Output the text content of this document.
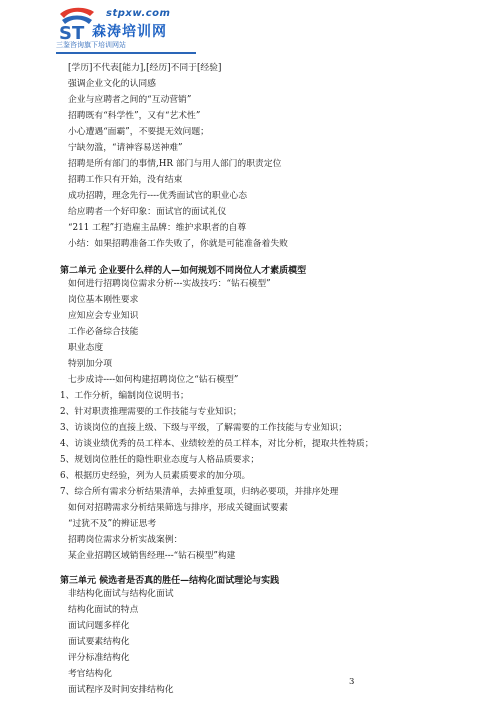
ST
stpxw.com
森涛培训网
三鉴咨询旗下培训网站
[学历]不代表[能力],[经历]不同于[经验]
强调企业文化的认同感
企业与应聘者之间的“互动营销”
招聘既有“科学性”，又有“艺术性”
小心遭遇“面霸”，不要提无效问题；
宁缺勿滥，“请神容易送神难”
招聘是所有部门的事情,HR 部门与用人部门的职责定位
招聘工作只有开始，没有结束
成功招聘，理念先行----优秀面试官的职业心态
给应聘者一个好印象：面试官的面试礼仪
“211 工程”打造雇主品牌：维护求职者的自尊
小结：如果招聘准备工作失败了，你就是可能准备着失败
第二单元 企业要什么样的人—如何规划不同岗位人才素质模型
如何进行招聘岗位需求分析---实战技巧：“钻石模型”
岗位基本刚性要求
应知应会专业知识
工作必备综合技能
职业态度
特别加分项
七步成诗----如何构建招聘岗位之“钻石模型”
1、工作分析，编制岗位说明书；
2、针对职责推理需要的工作技能与专业知识；
3、访谈岗位的直接上级、下级与平级，了解需要的工作技能与专业知识；
4、访谈业绩优秀的员工样本、业绩较差的员工样本，对比分析，提取共性特质；
5、规划岗位胜任的隐性职业态度与人格品质要求；
6、根据历史经验，列为人员素质要求的加分项。
7、综合所有需求分析结果清单，去掉重复项，归纳必要项，并排序处理
如何对招聘需求分析结果筛选与排序，形成关键面试要素
“过犹不及”的辨证思考
招聘岗位需求分析实战案例：
某企业招聘区域销售经理---“钻石模型”构建
第三单元 候选者是否真的胜任—结构化面试理论与实践
非结构化面试与结构化面试
结构化面试的特点
面试问题多样化
面试要素结构化
评分标准结构化
考官结构化
面试程序及时间安排结构化
3
